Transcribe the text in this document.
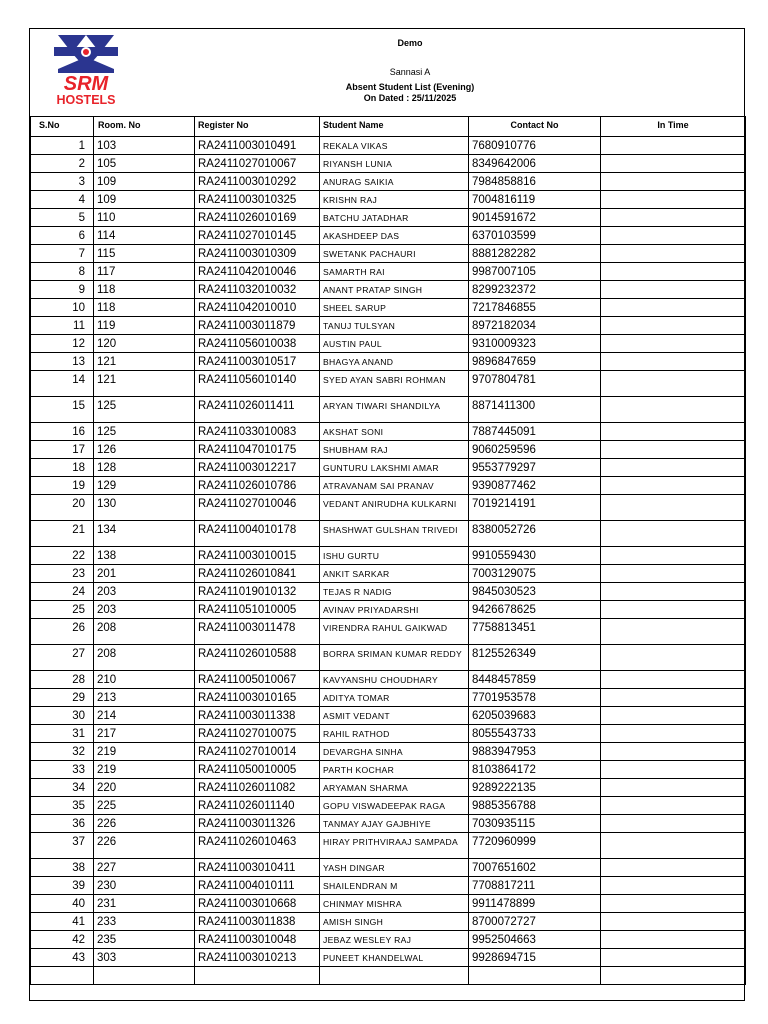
SRM
HOSTELS
Demo
Sannasi A
Absent Student List (Evening)
On Dated : 25/11/2025
S.No	Room. No	Register No	Student Name	Contact No	In Time
1	103	RA2411003010491	REKALA VIKAS	7680910776	
2	105	RA2411027010067	RIYANSH LUNIA	8349642006	
3	109	RA2411003010292	ANURAG SAIKIA	7984858816	
4	109	RA2411003010325	KRISHN RAJ	7004816119	
5	110	RA2411026010169	BATCHU JATADHAR	9014591672	
6	114	RA2411027010145	AKASHDEEP DAS	6370103599	
7	115	RA2411003010309	SWETANK PACHAURI	8881282282	
8	117	RA2411042010046	SAMARTH RAI	9987007105	
9	118	RA2411032010032	ANANT PRATAP SINGH	8299232372	
10	118	RA2411042010010	SHEEL SARUP	7217846855	
11	119	RA2411003011879	TANUJ TULSYAN	8972182034	
12	120	RA2411056010038	AUSTIN PAUL	9310009323	
13	121	RA2411003010517	BHAGYA ANAND	9896847659	
14	121	RA2411056010140	SYED AYAN SABRI ROHMAN	9707804781	
15	125	RA2411026011411	ARYAN TIWARI SHANDILYA	8871411300	
16	125	RA2411033010083	AKSHAT SONI	7887445091	
17	126	RA2411047010175	SHUBHAM RAJ	9060259596	
18	128	RA2411003012217	GUNTURU LAKSHMI AMAR	9553779297	
19	129	RA2411026010786	ATRAVANAM SAI PRANAV	9390877462	
20	130	RA2411027010046	VEDANT ANIRUDHA KULKARNI	7019214191	
21	134	RA2411004010178	SHASHWAT GULSHAN TRIVEDI	8380052726	
22	138	RA2411003010015	ISHU GURTU	9910559430	
23	201	RA2411026010841	ANKIT SARKAR	7003129075	
24	203	RA2411019010132	TEJAS R NADIG	9845030523	
25	203	RA2411051010005	AVINAV PRIYADARSHI	9426678625	
26	208	RA2411003011478	VIRENDRA RAHUL GAIKWAD	7758813451	
27	208	RA2411026010588	BORRA SRIMAN KUMAR REDDY	8125526349	
28	210	RA2411005010067	KAVYANSHU CHOUDHARY	8448457859	
29	213	RA2411003010165	ADITYA TOMAR	7701953578	
30	214	RA2411003011338	ASMIT VEDANT	6205039683	
31	217	RA2411027010075	RAHIL RATHOD	8055543733	
32	219	RA2411027010014	DEVARGHA SINHA	9883947953	
33	219	RA2411050010005	PARTH KOCHAR	8103864172	
34	220	RA2411026011082	ARYAMAN SHARMA	9289222135	
35	225	RA2411026011140	GOPU VISWADEEPAK RAGA	9885356788	
36	226	RA2411003011326	TANMAY AJAY GAJBHIYE	7030935115	
37	226	RA2411026010463	HIRAY PRITHVIRAAJ SAMPADA	7720960999	
38	227	RA2411003010411	YASH DINGAR	7007651602	
39	230	RA2411004010111	SHAILENDRAN M	7708817211	
40	231	RA2411003010668	CHINMAY MISHRA	9911478899	
41	233	RA2411003011838	AMISH SINGH	8700072727	
42	235	RA2411003010048	JEBAZ WESLEY RAJ	9952504663	
43	303	RA2411003010213	PUNEET KHANDELWAL	9928694715	
